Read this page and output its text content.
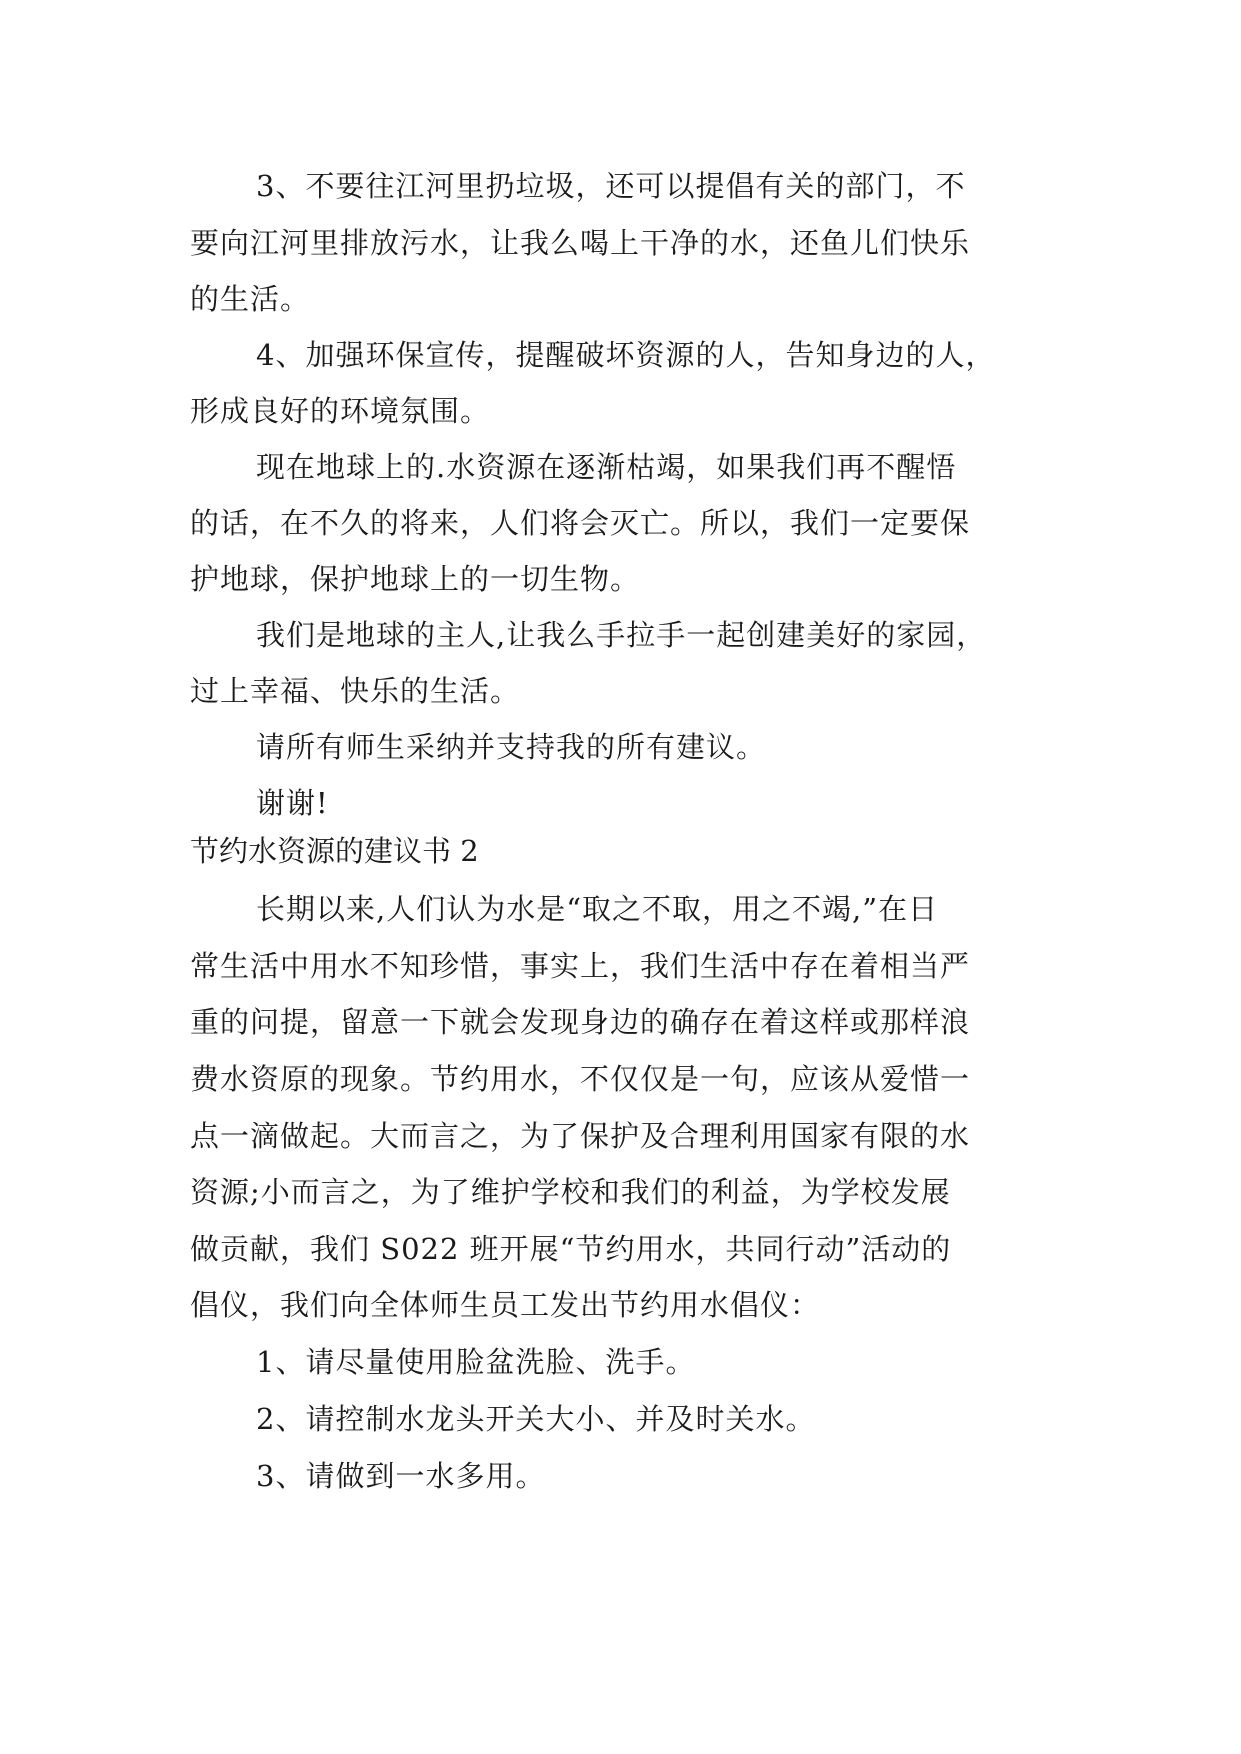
3、不要往江河里扔垃圾，还可以提倡有关的部门，不
要向江河里排放污水，让我么喝上干净的水，还鱼儿们快乐
的生活。
4、加强环保宣传，提醒破坏资源的人，告知身边的人，
形成良好的环境氛围。
现在地球上的.水资源在逐渐枯竭，如果我们再不醒悟
的话，在不久的将来，人们将会灭亡。所以，我们一定要保
护地球，保护地球上的一切生物。
我们是地球的主人,让我么手拉手一起创建美好的家园，
过上幸福、快乐的生活。
请所有师生采纳并支持我的所有建议。
谢谢!
节约水资源的建议书 2
长期以来,人们认为水是“取之不取，用之不竭,”在日
常生活中用水不知珍惜，事实上，我们生活中存在着相当严
重的问提，留意一下就会发现身边的确存在着这样或那样浪
费水资原的现象。节约用水，不仅仅是一句，应该从爱惜一
点一滴做起。大而言之，为了保护及合理利用国家有限的水
资源;小而言之，为了维护学校和我们的利益，为学校发展
做贡献，我们 S022 班开展“节约用水，共同行动”活动的
倡仪，我们向全体师生员工发出节约用水倡仪：
1、请尽量使用脸盆洗脸、洗手。
2、请控制水龙头开关大小、并及时关水。
3、请做到一水多用。
